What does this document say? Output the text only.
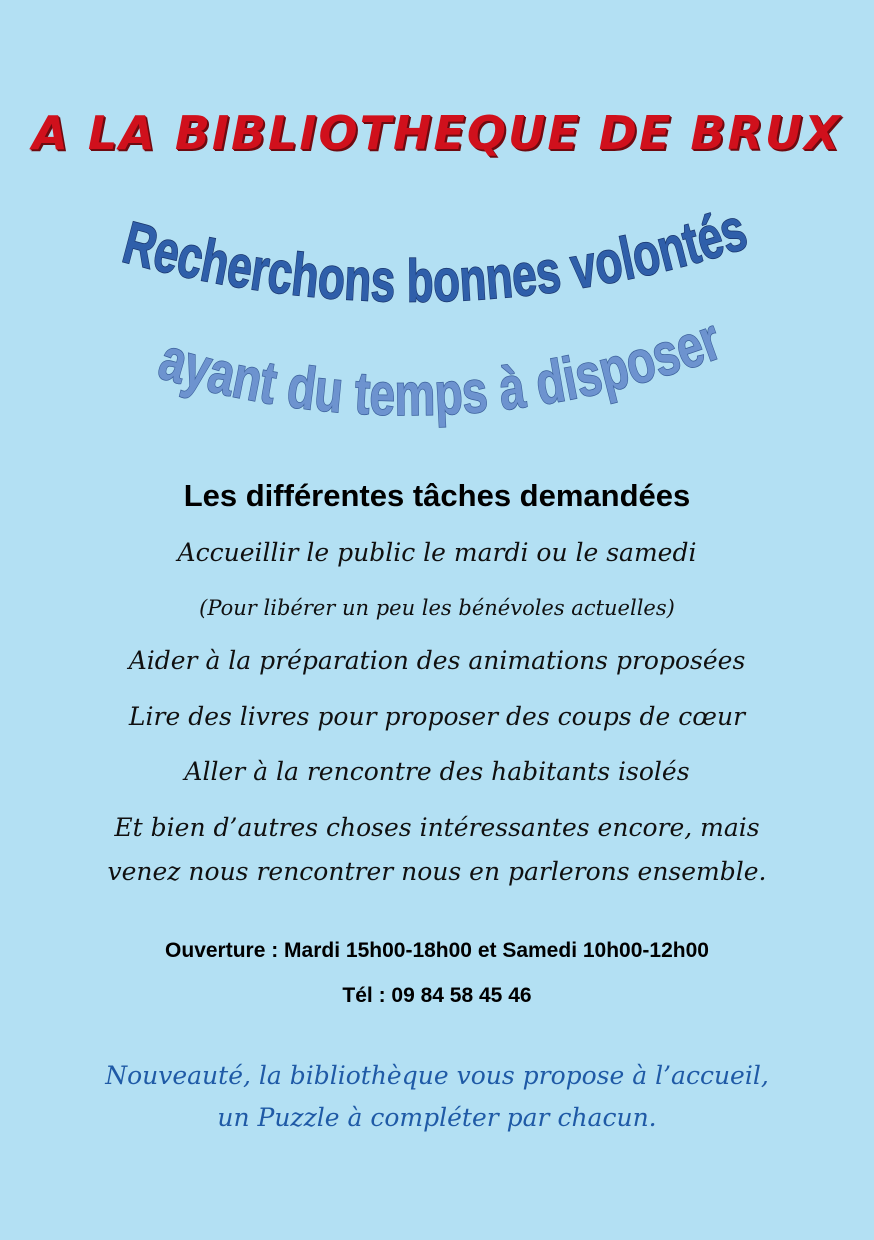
A LA BIBLIOTHEQUE DE BRUX
Recherchons bonnes volontés
ayant du temps à disposer
Les différentes tâches demandées
Accueillir le public le mardi ou le samedi
(Pour libérer un peu les bénévoles actuelles)
Aider à la préparation des animations proposées
Lire des livres pour proposer des coups de cœur
Aller à la rencontre des habitants isolés
Et bien d’autres choses intéressantes encore, mais
venez nous rencontrer nous en parlerons ensemble.
Ouverture : Mardi 15h00-18h00 et Samedi 10h00-12h00
Tél : 09 84 58 45 46
Nouveauté, la bibliothèque vous propose à l’accueil,
un Puzzle à compléter par chacun.
